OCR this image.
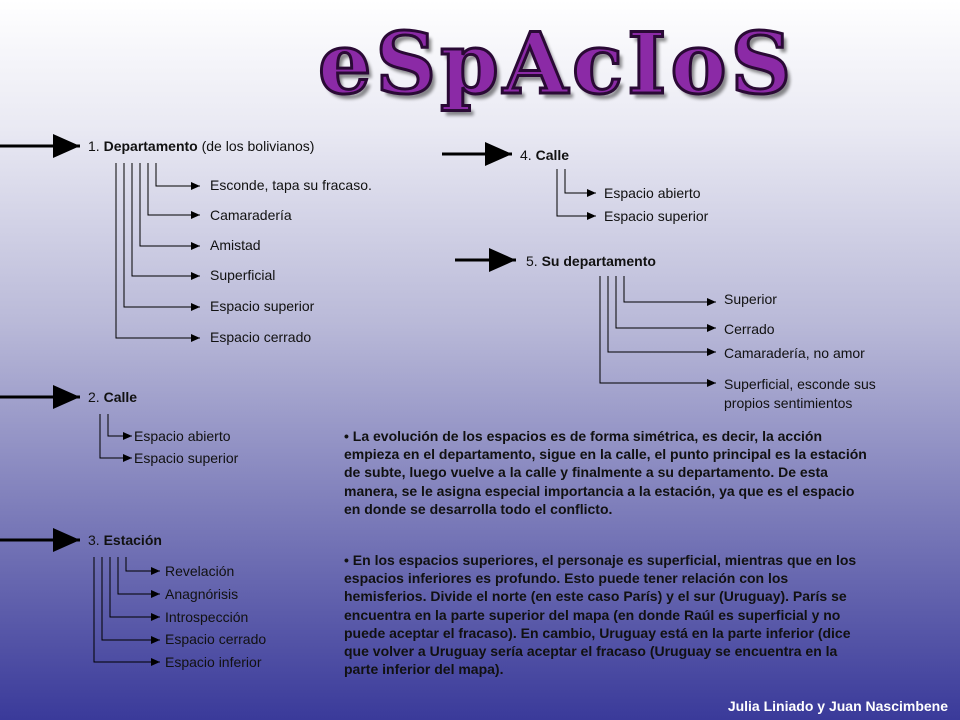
eSpAcIoS
1. Departamento (de los bolivianos)
2. Calle
3. Estación
4. Calle
5. Su departamento
Esconde, tapa su fracaso.
Camaradería
Amistad
Superficial
Espacio superior
Espacio cerrado
Espacio abierto
Espacio superior
Revelación
Anagnórisis
Introspección
Espacio cerrado
Espacio inferior
Espacio abierto
Espacio superior
Superior
Cerrado
Camaradería, no amor
Superficial, esconde sus propios sentimientos
• La evolución de los espacios es de forma simétrica, es decir, la acción empieza en el departamento, sigue en la calle, el punto principal es la estación de subte, luego vuelve a la calle y finalmente a su departamento. De esta manera, se le asigna especial importancia a la estación, ya que es el espacio en donde se desarrolla todo el conflicto.
• En los espacios superiores, el personaje es superficial, mientras que en los espacios inferiores es profundo. Esto puede tener relación con los hemisferios. Divide el norte (en este caso París) y el sur (Uruguay). París se encuentra en la parte superior del mapa (en donde Raúl es superficial y no puede aceptar el fracaso). En cambio, Uruguay está en la parte inferior (dice que volver a Uruguay sería aceptar el fracaso (Uruguay se encuentra en la parte inferior del mapa).
Julia Liniado y Juan Nascimbene
